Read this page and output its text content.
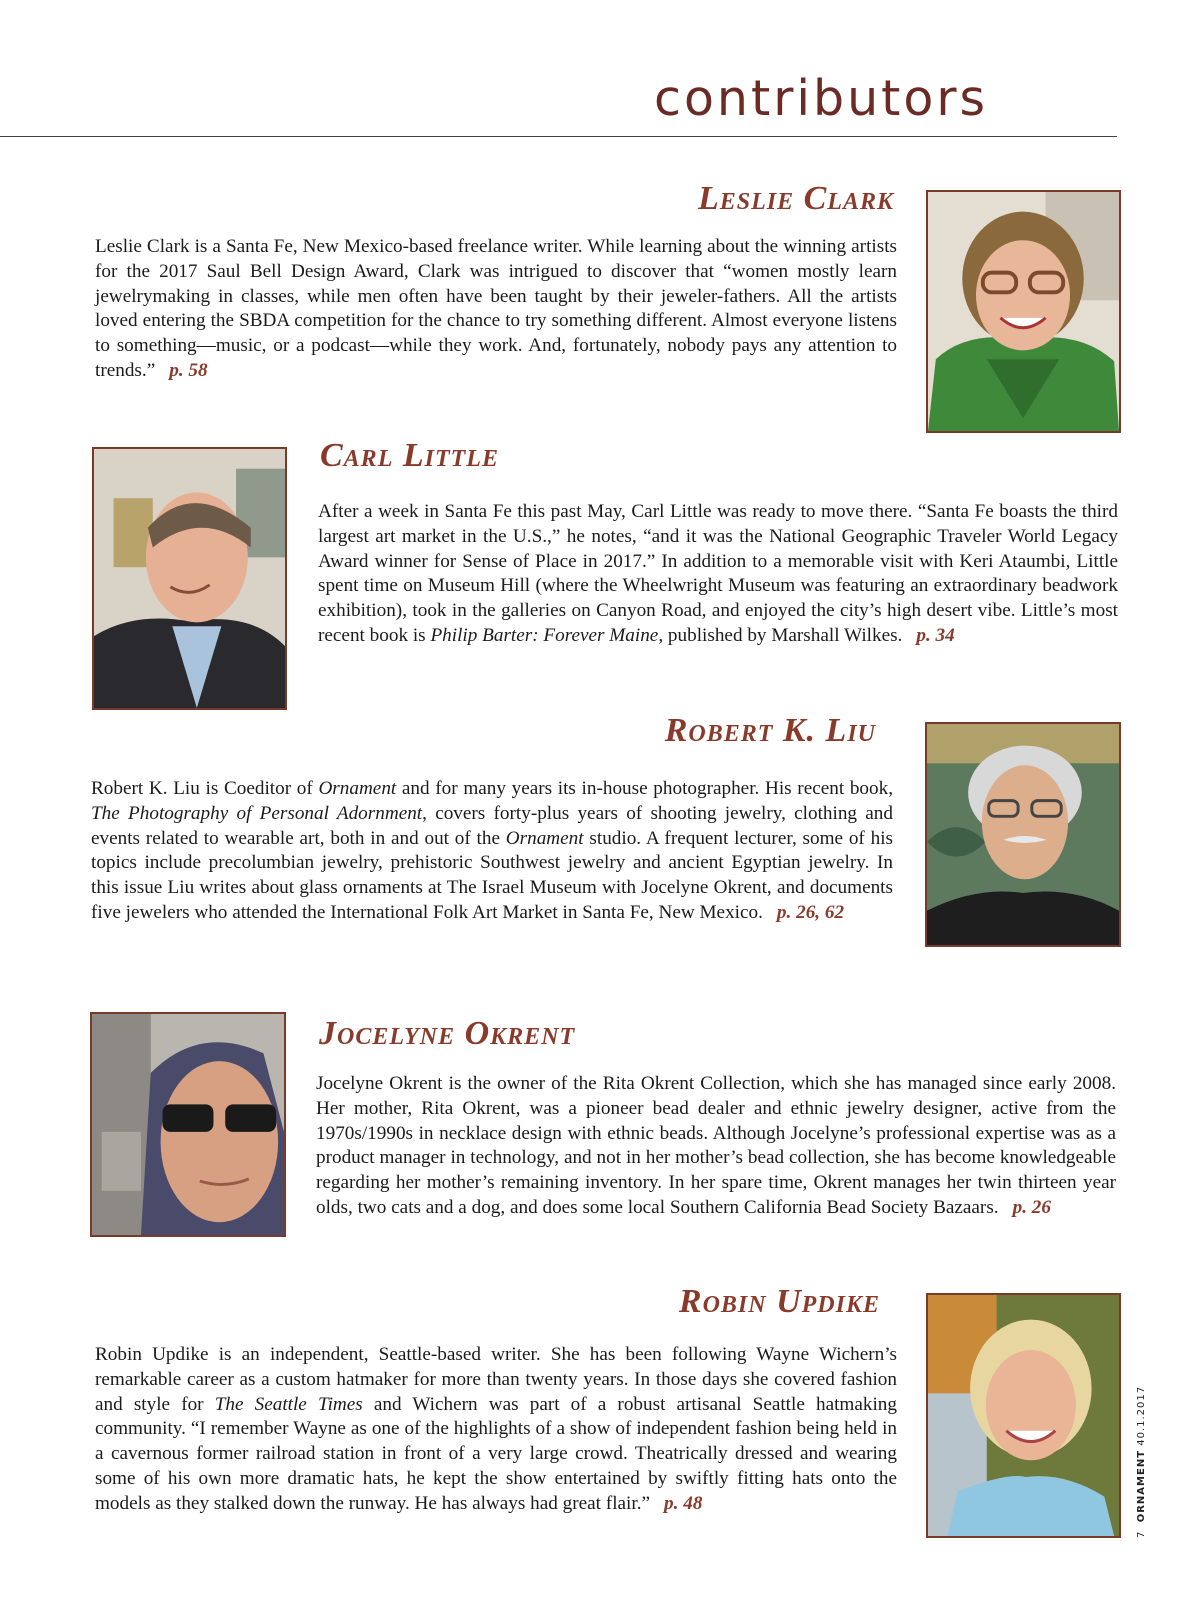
contributors
Leslie Clark

Leslie Clark is a Santa Fe, New Mexico-based freelance writer. While learning about the winning artists for the 2017 Saul Bell Design Award, Clark was intrigued to discover that “women mostly learn jewelrymaking in classes, while men often have been taught by their jeweler-fathers. All the artists loved entering the SBDA competition for the chance to try something different. Almost everyone listens to something—music, or a podcast—while they work. And, fortunately, nobody pays any attention to trends.” p. 58

Carl Little

After a week in Santa Fe this past May, Carl Little was ready to move there. “Santa Fe boasts the third largest art market in the U.S.,” he notes, “and it was the National Geographic Traveler World Legacy Award winner for Sense of Place in 2017.” In addition to a memorable visit with Keri Ataumbi, Little spent time on Museum Hill (where the Wheelwright Museum was featuring an extraordinary beadwork exhibition), took in the galleries on Canyon Road, and enjoyed the city’s high desert vibe. Little’s most recent book is Philip Barter: Forever Maine, published by Marshall Wilkes. p. 34

Robert K. Liu

Robert K. Liu is Coeditor of Ornament and for many years its in-house photographer. His recent book, The Photography of Personal Adornment, covers forty-plus years of shooting jewelry, clothing and events related to wearable art, both in and out of the Ornament studio. A frequent lecturer, some of his topics include precolumbian jewelry, prehistoric Southwest jewelry and ancient Egyptian jewelry. In this issue Liu writes about glass ornaments at The Israel Museum with Jocelyne Okrent, and documents five jewelers who attended the International Folk Art Market in Santa Fe, New Mexico. p. 26, 62

Jocelyne Okrent

Jocelyne Okrent is the owner of the Rita Okrent Collection, which she has managed since early 2008. Her mother, Rita Okrent, was a pioneer bead dealer and ethnic jewelry designer, active from the 1970s/1990s in necklace design with ethnic beads. Although Jocelyne’s professional expertise was as a product manager in technology, and not in her mother’s bead collection, she has become knowledgeable regarding her mother’s remaining inventory. In her spare time, Okrent manages her twin thirteen year olds, two cats and a dog, and does some local Southern California Bead Society Bazaars. p. 26

Robin Updike

Robin Updike is an independent, Seattle-based writer. She has been following Wayne Wichern’s remarkable career as a custom hatmaker for more than twenty years. In those days she covered fashion and style for The Seattle Times and Wichern was part of a robust artisanal Seattle hatmaking community. “I remember Wayne as one of the highlights of a show of independent fashion being held in a cavernous former railroad station in front of a very large crowd. Theatrically dressed and wearing some of his own more dramatic hats, he kept the show entertained by swiftly fitting hats onto the models as they stalked down the runway. He has always had great flair.” p. 48

7  ORNAMENT 40.1.2017
